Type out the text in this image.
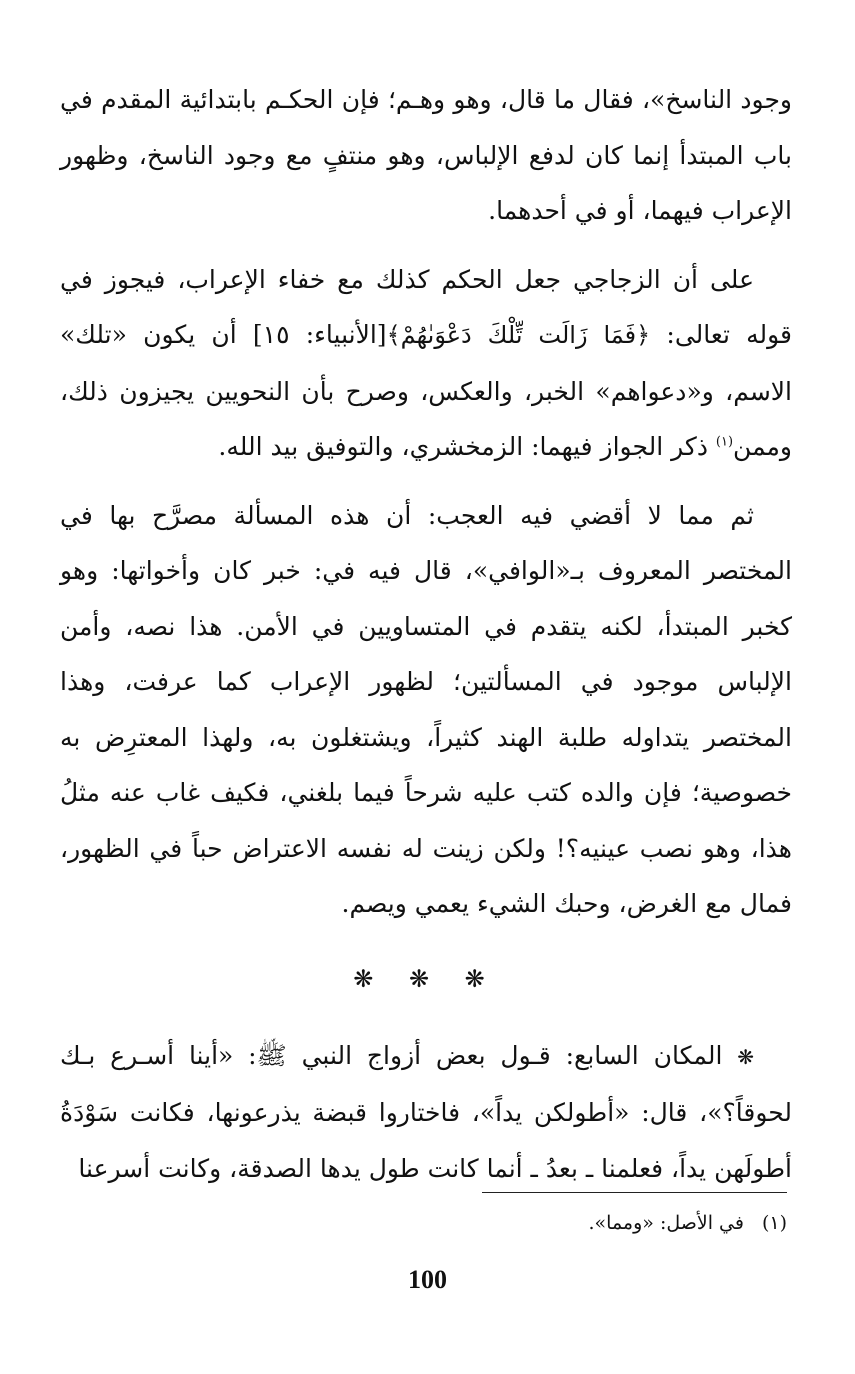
وجود الناسخ»، فقال ما قال، وهو وهـم؛ فإن الحكـم بابتدائية المقدم في باب المبتدأ إنما كان لدفع الإلباس، وهو منتفٍ مع وجود الناسخ، وظهور الإعراب فيهما، أو في أحدهما.

على أن الزجاجي جعل الحكم كذلك مع خفاء الإعراب، فيجوز في قوله تعالى: ﴿فَمَا زَالَت تِّلْكَ دَعْوَىٰهُمْ﴾[الأنبياء: ١٥] أن يكون «تلك» الاسم، و«دعواهم» الخبر، والعكس، وصرح بأن النحويين يجيزون ذلك، وممن$^{(١)}$ ذكر الجواز فيهما: الزمخشري، والتوفيق بيد الله.

ثم مما لا أقضي فيه العجب: أن هذه المسألة مصرَّح بها في المختصر المعروف بـ«الوافي»، قال فيه في: خبر كان وأخواتها: وهو كخبر المبتدأ، لكنه يتقدم في المتساويين في الأمن. هذا نصه، وأمن الإلباس موجود في المسألتين؛ لظهور الإعراب كما عرفت، وهذا المختصر يتداوله طلبة الهند كثيراً، ويشتغلون به، ولهذا المعترِض به خصوصية؛ فإن والده كتب عليه شرحاً فيما بلغني، فكيف غاب عنه مثلُ هذا، وهو نصب عينيه؟! ولكن زينت له نفسه الاعتراض حباً في الظهور، فمال مع الغرض، وحبك الشيء يعمي ويصم.

❋ ❋ ❋

❋ المكان السابع: قـول بعض أزواج النبي ﷺ: «أينا أسـرع بـك لحوقاً؟»، قال: «أطولكن يداً»، فاختاروا قبضة يذرعونها، فكانت سَوْدَةُ أطولَهن يداً، فعلمنا ـ بعدُ ـ أنما كانت طول يدها الصدقة، وكانت أسرعنا

(١)في الأصل: «ومما».
100
